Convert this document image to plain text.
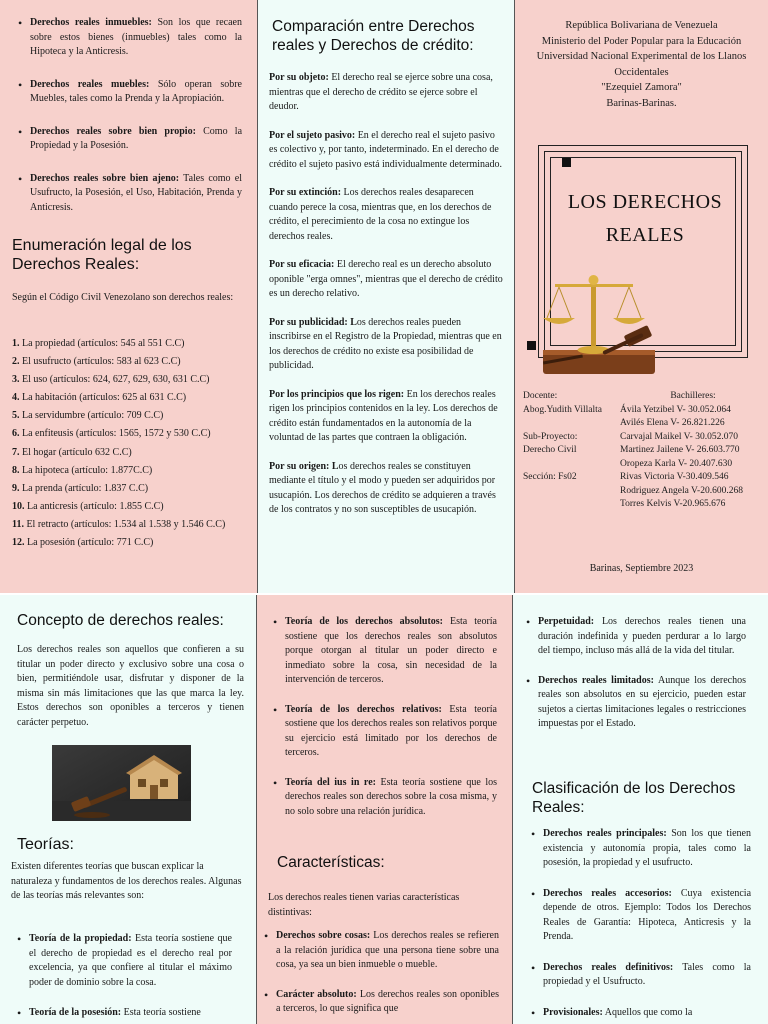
• Derechos reales inmuebles: Son los que recaen sobre estos bienes (inmuebles) tales como la Hipoteca y la Anticresis.
• Derechos reales muebles: Sólo operan sobre Muebles, tales como la Prenda y la Apropiación.
• Derechos reales sobre bien propio: Como la Propiedad y la Posesión.
• Derechos reales sobre bien ajeno: Tales como el Usufructo, la Posesión, el Uso, Habitación, Prenda y Anticresis.
Enumeración legal de los Derechos Reales:
Según el Código Civil Venezolano son derechos reales:
1. La propiedad (artículos: 545 al 551 C.C)
2. El usufructo (artículos: 583 al 623 C.C)
3. El uso (artículos: 624, 627, 629, 630, 631 C.C)
4. La habitación (artículos: 625 al 631 C.C)
5. La servidumbre (artículo: 709 C.C)
6. La enfiteusis (artículos: 1565, 1572 y 530 C.C)
7. El hogar (artículo 632 C.C)
8. La hipoteca (artículo: 1.877C.C)
9. La prenda (artículo: 1.837 C.C)
10. La anticresis (artículo: 1.855 C.C)
11. El retracto (artículos: 1.534 al 1.538 y 1.546 C.C)
12. La posesión (artículo: 771 C.C)
Comparación entre Derechos reales y Derechos de crédito:

Por su objeto: El derecho real se ejerce sobre una cosa, mientras que el derecho de crédito se ejerce sobre el deudor.

Por el sujeto pasivo: En el derecho real el sujeto pasivo es colectivo y, por tanto, indeterminado. En el derecho de crédito el sujeto pasivo está individualmente determinado.

Por su extinción: Los derechos reales desaparecen cuando perece la cosa, mientras que, en los derechos de crédito, el perecimiento de la cosa no extingue los derechos reales.

Por su eficacia: El derecho real es un derecho absoluto oponible "erga omnes", mientras que el derecho de crédito es un derecho relativo.

Por su publicidad: Los derechos reales pueden inscribirse en el Registro de la Propiedad, mientras que en los derechos de crédito no existe esa posibilidad de publicidad.

Por los principios que los rigen: En los derechos reales rigen los principios contenidos en la ley. Los derechos de crédito están fundamentados en la autonomía de la voluntad de las partes que contraen la obligación.

Por su origen: Los derechos reales se constituyen mediante el título y el modo y pueden ser adquiridos por usucapión. Los derechos de crédito se adquieren a través de los contratos y no son susceptibles de usucapión.

República Bolivariana de Venezuela
Ministerio del Poder Popular para la Educación
Universidad Nacional Experimental de los Llanos
Occidentales
"Ezequiel Zamora"
Barinas-Barinas.
LOS DERECHOS
REALES
Docente:
Abog.Yudith Villalta
Sub-Proyecto:
Derecho Civil
Sección: Fs02
Bachilleres:
Ávila Yetzibel V- 30.052.064
Avilés Elena V- 26.821.226
Carvajal Maikel V- 30.052.070
Martinez Jailene V- 26.603.770
Oropeza Karla V- 20.407.630
Rivas Victoria V-30.409.546
Rodriguez Angela V-20.600.268
Torres Kelvis V-20.965.676
Barinas, Septiembre 2023
Concepto de derechos reales:
Los derechos reales son aquellos que confieren a su titular un poder directo y exclusivo sobre una cosa o bien, permitiéndole usar, disfrutar y disponer de la misma sin más limitaciones que las que marca la ley. Estos derechos son oponibles a terceros y tienen carácter perpetuo.
Teorías:
Existen diferentes teorías que buscan explicar la naturaleza y fundamentos de los derechos reales. Algunas de las teorías más relevantes son:
• Teoría de la propiedad: Esta teoría sostiene que el derecho de propiedad es el derecho real por excelencia, ya que confiere al titular el máximo poder de dominio sobre la cosa.
• Teoría de la posesión: Esta teoría sostiene
• Teoría de los derechos absolutos: Esta teoría sostiene que los derechos reales son absolutos porque otorgan al titular un poder directo e inmediato sobre la cosa, sin necesidad de la intervención de terceros.
• Teoría de los derechos relativos: Esta teoría sostiene que los derechos reales son relativos porque su ejercicio está limitado por los derechos de terceros.
• Teoría del ius in re: Esta teoría sostiene que los derechos reales son derechos sobre la cosa misma, y no solo sobre una relación jurídica.
Características:
Los derechos reales tienen varias características distintivas:
• Derechos sobre cosas: Los derechos reales se refieren a la relación jurídica que una persona tiene sobre una cosa, ya sea un bien inmueble o mueble.
• Carácter absoluto: Los derechos reales son oponibles a terceros, lo que significa que
• Perpetuidad: Los derechos reales tienen una duración indefinida y pueden perdurar a lo largo del tiempo, incluso más allá de la vida del titular.
• Derechos reales limitados: Aunque los derechos reales son absolutos en su ejercicio, pueden estar sujetos a ciertas limitaciones legales o restricciones impuestas por el Estado.
Clasificación de los Derechos Reales:
• Derechos reales principales: Son los que tienen existencia y autonomía propia, tales como la posesión, la propiedad y el usufructo.
• Derechos reales accesorios: Cuya existencia depende de otros. Ejemplo: Todos los Derechos Reales de Garantía: Hipoteca, Anticresis y la Prenda.
• Derechos reales definitivos: Tales como la propiedad y el Usufructo.
• Provisionales: Aquellos que como la
